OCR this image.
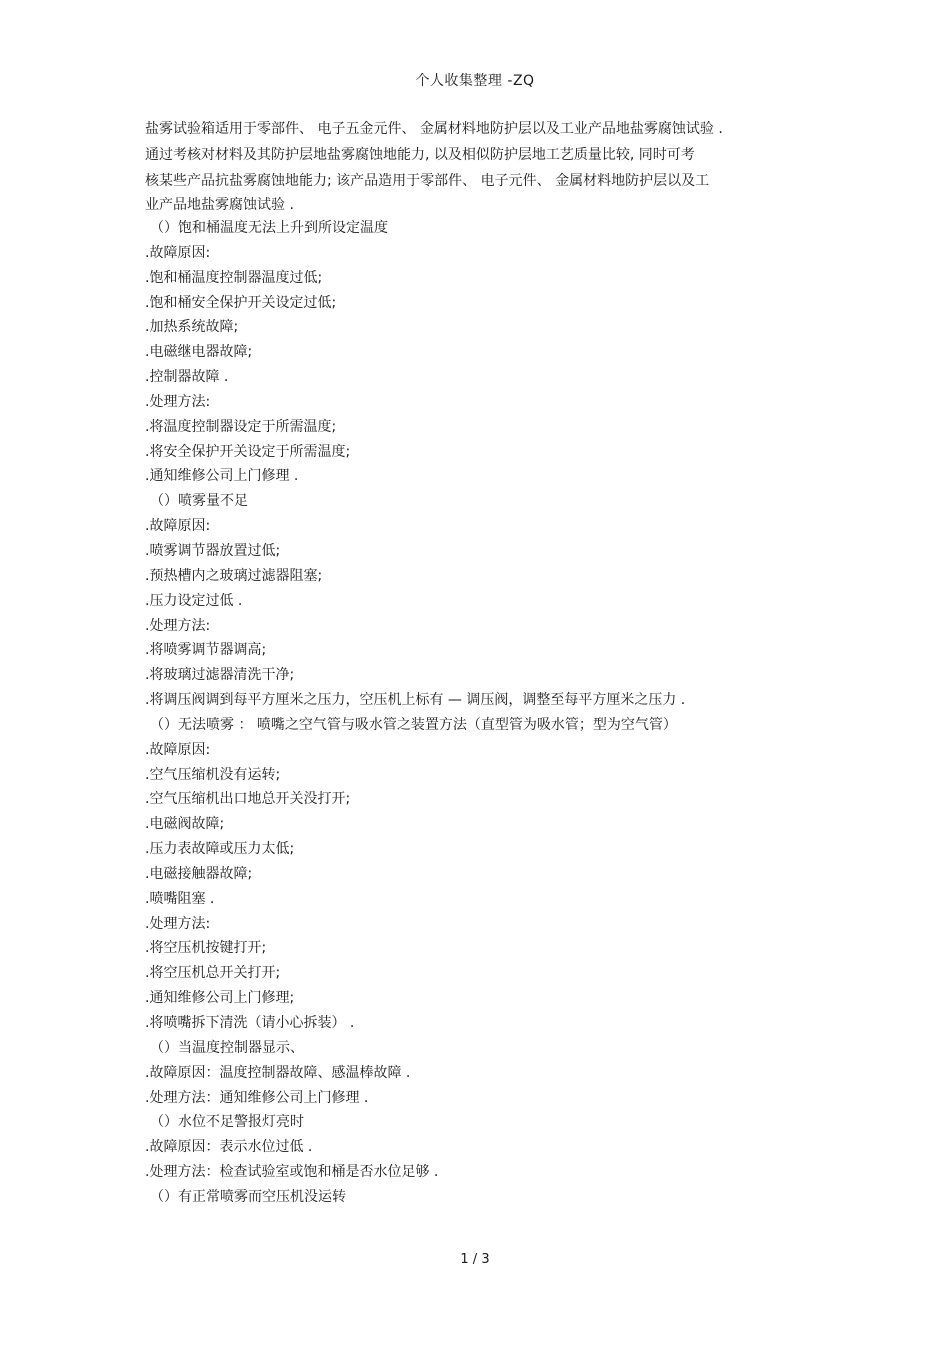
个人收集整理 -ZQ
盐雾试验箱适用于零部件、 电子五金元件、 金属材料地防护层以及工业产品地盐雾腐蚀试验 .
通过考核对材料及其防护层地盐雾腐蚀地能力, 以及相似防护层地工艺质量比较, 同时可考
核某些产品抗盐雾腐蚀地能力; 该产品造用于零部件、 电子元件、 金属材料地防护层以及工
业产品地盐雾腐蚀试验 .
（）饱和桶温度无法上升到所设定温度
.故障原因:
.饱和桶温度控制器温度过低;
.饱和桶安全保护开关设定过低;
.加热系统故障;
.电磁继电器故障;
.控制器故障 .
.处理方法:
.将温度控制器设定于所需温度;
.将安全保护开关设定于所需温度;
.通知维修公司上门修理 .
（）喷雾量不足
.故障原因:
.喷雾调节器放置过低;
.预热槽内之玻璃过滤器阻塞;
.压力设定过低 .
.处理方法:
.将喷雾调节器调高;
.将玻璃过滤器清洗干净;
.将调压阀调到每平方厘米之压力，空压机上标有 — 调压阀，调整至每平方厘米之压力 .
（）无法喷雾 ： 喷嘴之空气管与吸水管之装置方法（直型管为吸水管；型为空气管）
.故障原因:
.空气压缩机没有运转;
.空气压缩机出口地总开关没打开;
.电磁阀故障;
.压力表故障或压力太低;
.电磁接触器故障;
.喷嘴阻塞 .
.处理方法:
.将空压机按键打开;
.将空压机总开关打开;
.通知维修公司上门修理;
.将喷嘴拆下清洗（请小心拆装） .
（）当温度控制器显示、
.故障原因：温度控制器故障、感温棒故障 .
.处理方法：通知维修公司上门修理 .
（）水位不足警报灯亮时
.故障原因：表示水位过低 .
.处理方法：检查试验室或饱和桶是否水位足够 .
（）有正常喷雾而空压机没运转
1 / 3
